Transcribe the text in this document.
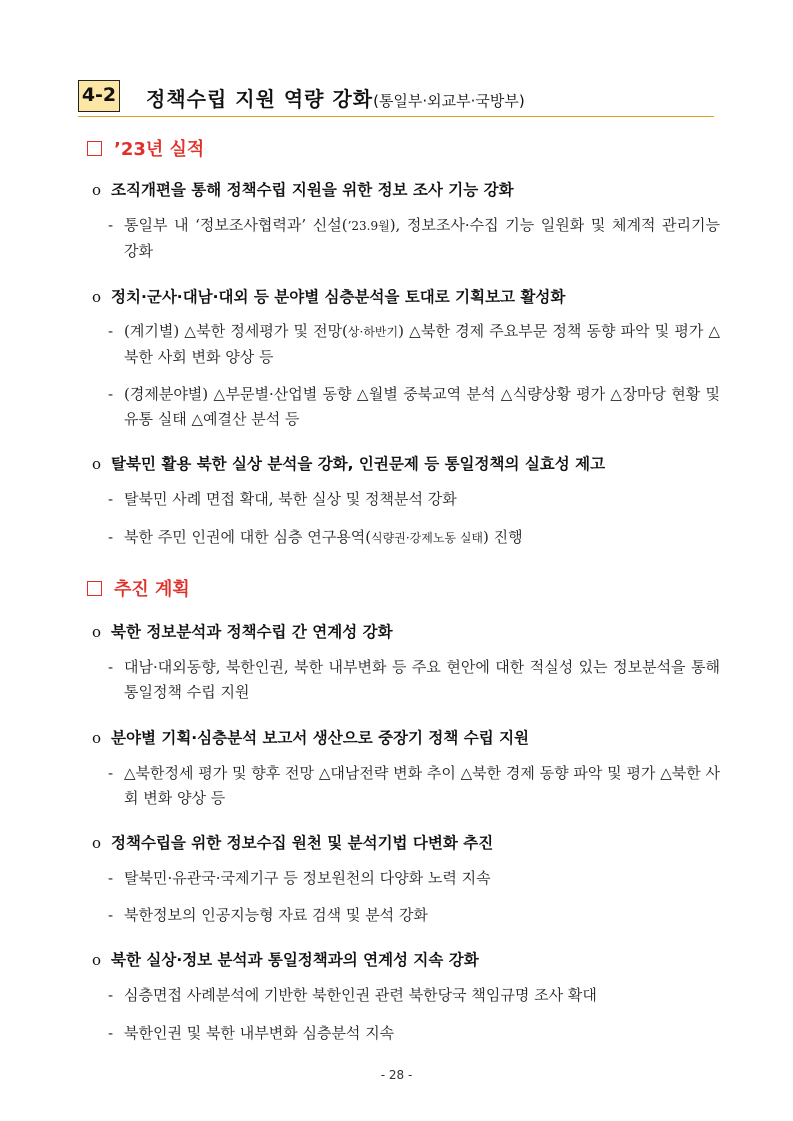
4-2 정책수립 지원 역량 강화(통일부·외교부·국방부)
’23년 실적
o 조직개편을 통해 정책수립 지원을 위한 정보 조사 기능 강화
- 통일부 내 ‘정보조사협력과’ 신설(’23.9월), 정보조사·수집 기능 일원화 및 체계적 관리기능 강화
o 정치·군사·대남·대외 등 분야별 심층분석을 토대로 기획보고 활성화
- (계기별) △북한 정세평가 및 전망(상·하반기) △북한 경제 주요부문 정책 동향 파악 및 평가 △북한 사회 변화 양상 등
- (경제분야별) △부문별·산업별 동향 △월별 중북교역 분석 △식량상황 평가 △장마당 현황 및 유통 실태 △예결산 분석 등
o 탈북민 활용 북한 실상 분석을 강화, 인권문제 등 통일정책의 실효성 제고
- 탈북민 사례 면접 확대, 북한 실상 및 정책분석 강화
- 북한 주민 인권에 대한 심층 연구용역(식량권·강제노동 실태) 진행
추진 계획
o 북한 정보분석과 정책수립 간 연계성 강화
- 대남·대외동향, 북한인권, 북한 내부변화 등 주요 현안에 대한 적실성 있는 정보분석을 통해 통일정책 수립 지원
o 분야별 기획·심층분석 보고서 생산으로 중장기 정책 수립 지원
- △북한정세 평가 및 향후 전망 △대남전략 변화 추이 △북한 경제 동향 파악 및 평가 △북한 사회 변화 양상 등
o 정책수립을 위한 정보수집 원천 및 분석기법 다변화 추진
- 탈북민·유관국·국제기구 등 정보원천의 다양화 노력 지속
- 북한정보의 인공지능형 자료 검색 및 분석 강화
o 북한 실상·정보 분석과 통일정책과의 연계성 지속 강화
- 심층면접 사례분석에 기반한 북한인권 관련 북한당국 책임규명 조사 확대
- 북한인권 및 북한 내부변화 심층분석 지속
- 28 -
